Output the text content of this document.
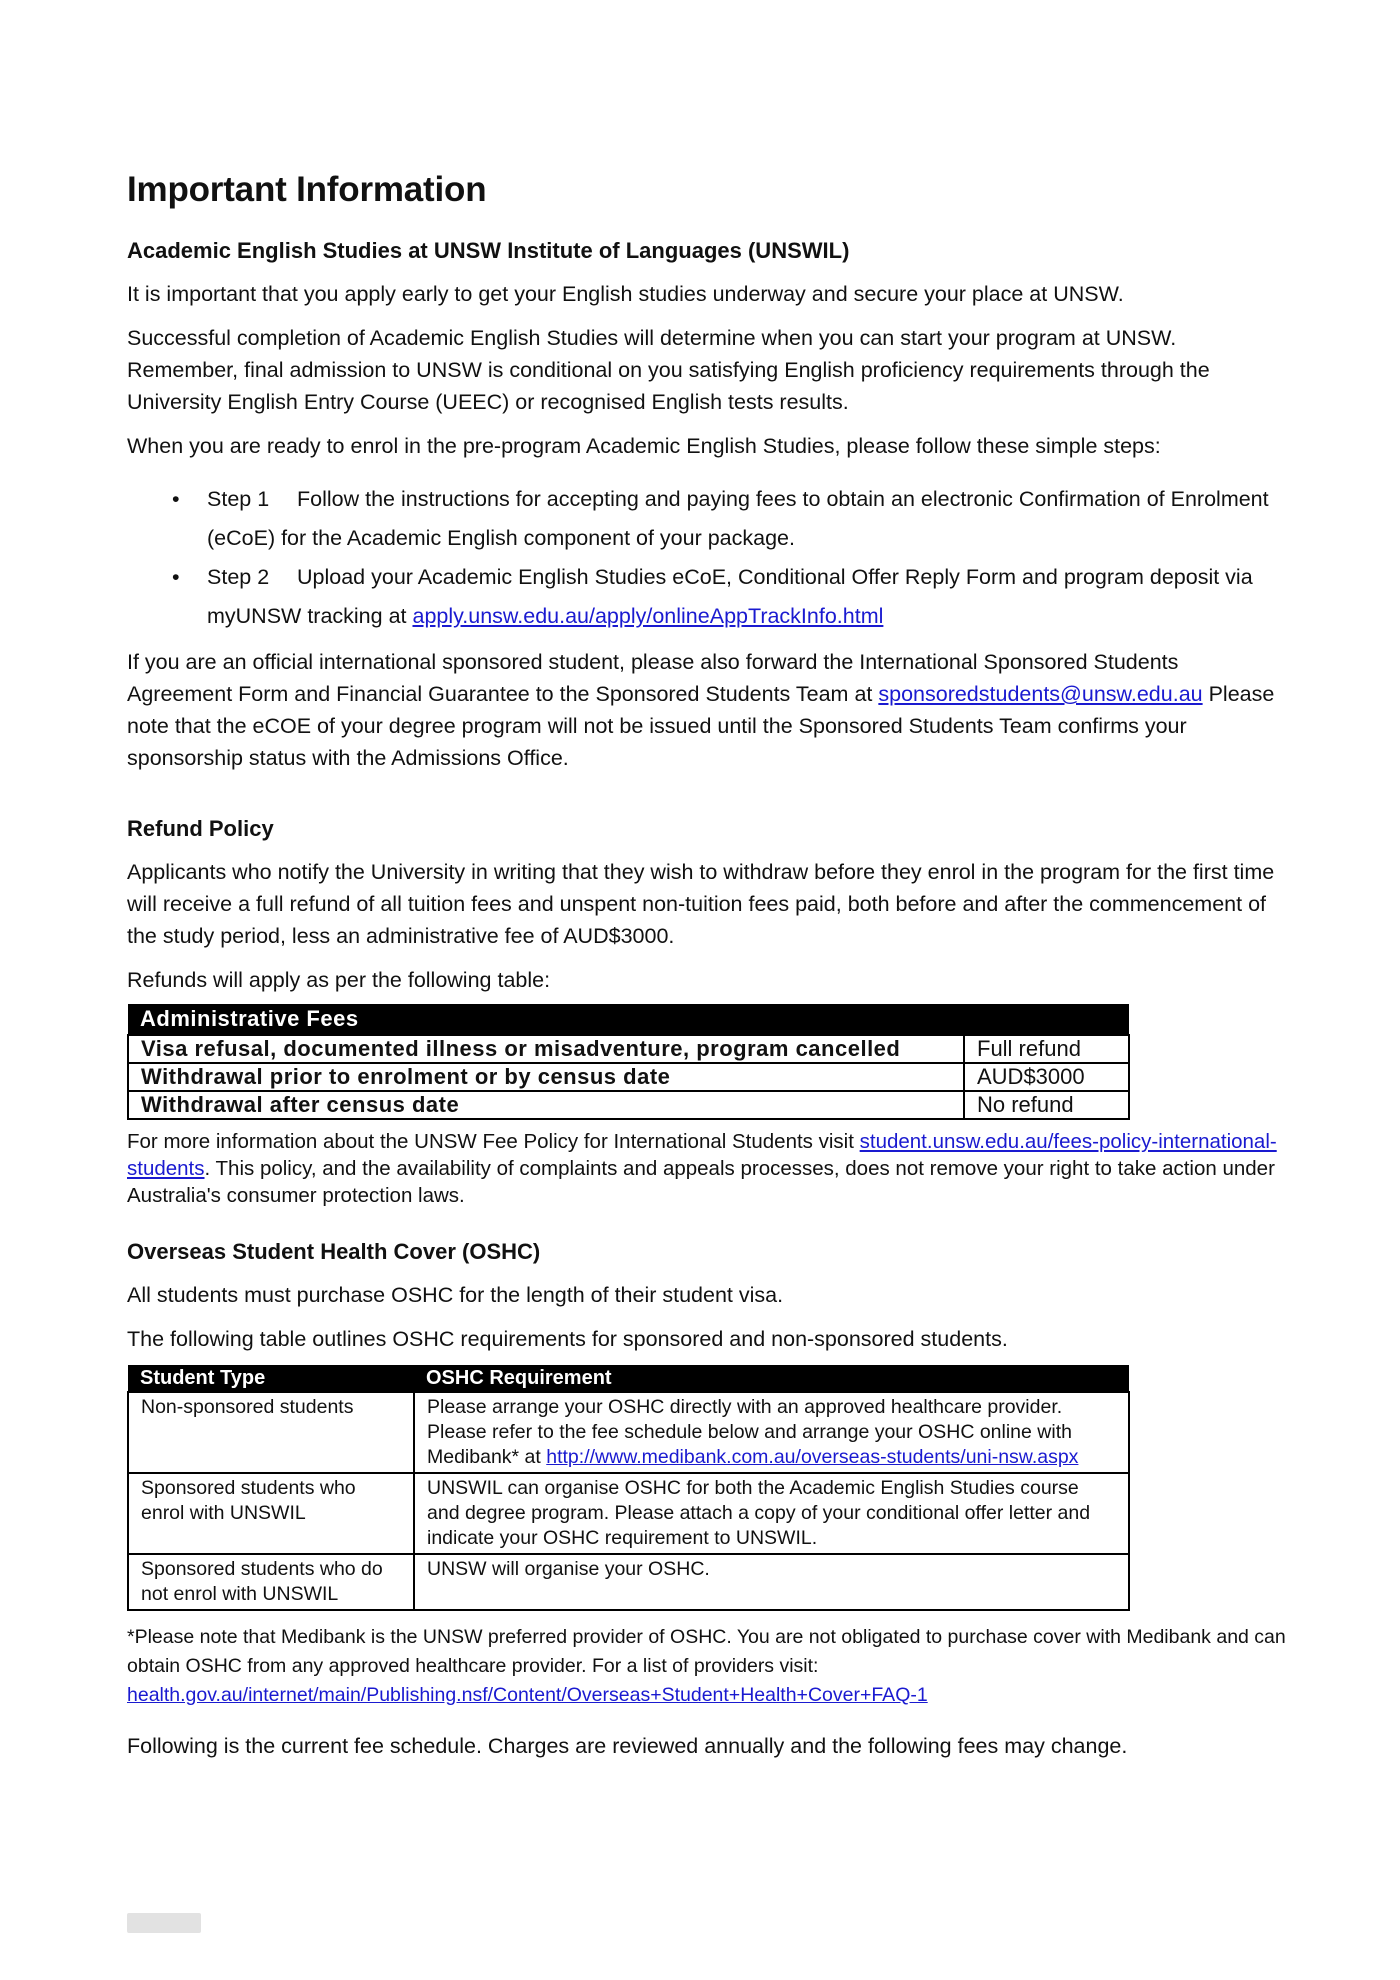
Important Information
Academic English Studies at UNSW Institute of Languages (UNSWIL)
It is important that you apply early to get your English studies underway and secure your place at UNSW.
Successful completion of Academic English Studies will determine when you can start your program at UNSW. Remember, final admission to UNSW is conditional on you satisfying English proficiency requirements through the University English Entry Course (UEEC) or recognised English tests results.
When you are ready to enrol in the pre-program Academic English Studies, please follow these simple steps:
• Step 1 Follow the instructions for accepting and paying fees to obtain an electronic Confirmation of Enrolment (eCoE) for the Academic English component of your package.
• Step 2 Upload your Academic English Studies eCoE, Conditional Offer Reply Form and program deposit via myUNSW tracking at apply.unsw.edu.au/apply/onlineAppTrackInfo.html
If you are an official international sponsored student, please also forward the International Sponsored Students Agreement Form and Financial Guarantee to the Sponsored Students Team at sponsoredstudents@unsw.edu.au Please note that the eCOE of your degree program will not be issued until the Sponsored Students Team confirms your sponsorship status with the Admissions Office.
Refund Policy
Applicants who notify the University in writing that they wish to withdraw before they enrol in the program for the first time will receive a full refund of all tuition fees and unspent non-tuition fees paid, both before and after the commencement of the study period, less an administrative fee of AUD$3000.
Refunds will apply as per the following table:
Administrative Fees	
Visa refusal, documented illness or misadventure, program cancelled	Full refund
Withdrawal prior to enrolment or by census date	AUD$3000
Withdrawal after census date	No refund
For more information about the UNSW Fee Policy for International Students visit student.unsw.edu.au/fees-policy-international-students. This policy, and the availability of complaints and appeals processes, does not remove your right to take action under Australia's consumer protection laws.
Overseas Student Health Cover (OSHC)
All students must purchase OSHC for the length of their student visa.
The following table outlines OSHC requirements for sponsored and non-sponsored students.
Student Type	OSHC Requirement
Non-sponsored students	Please arrange your OSHC directly with an approved healthcare provider. Please refer to the fee schedule below and arrange your OSHC online with Medibank* at http://www.medibank.com.au/overseas-students/uni-nsw.aspx
Sponsored students who enrol with UNSWIL	UNSWIL can organise OSHC for both the Academic English Studies course and degree program. Please attach a copy of your conditional offer letter and indicate your OSHC requirement to UNSWIL.
Sponsored students who do not enrol with UNSWIL	UNSW will organise your OSHC.
*Please note that Medibank is the UNSW preferred provider of OSHC. You are not obligated to purchase cover with Medibank and can obtain OSHC from any approved healthcare provider. For a list of providers visit:
health.gov.au/internet/main/Publishing.nsf/Content/Overseas+Student+Health+Cover+FAQ-1
Following is the current fee schedule. Charges are reviewed annually and the following fees may change.
